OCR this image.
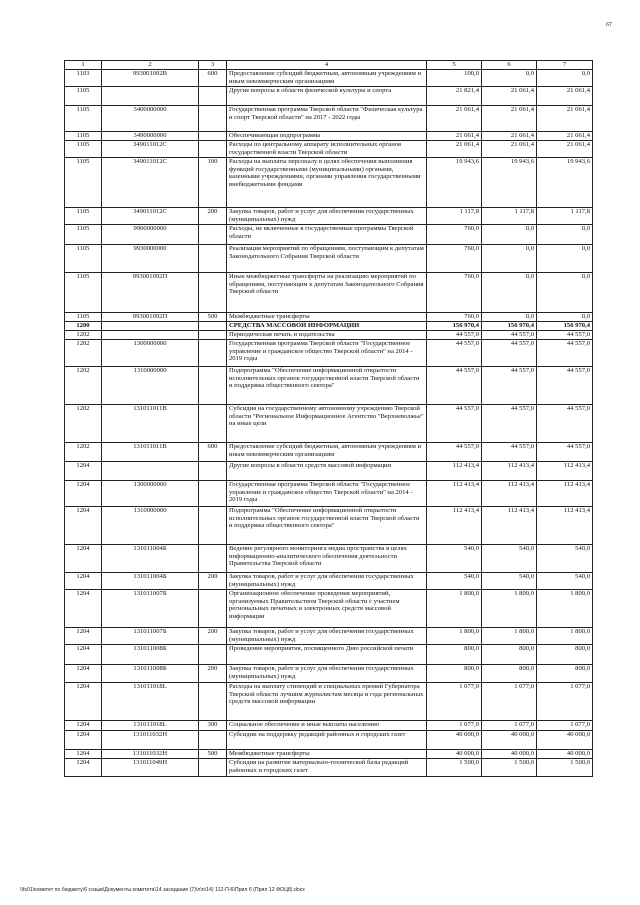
67
1	2	3	4	5	6	7
1103	993001092В	600	Предоставление субсидий бюджетным, автономным учреждениям и иным некоммерческим организациям	100,0	0,0	0,0
1105			Другие вопросы в области физической культуры и спорта	21 821,4	21 061,4	21 061,4
1105	3400000000		Государственная программа Тверской области "Физическая культура и спорт Тверской области" на 2017 - 2022 годы	21 061,4	21 061,4	21 061,4
1105	3490000000		Обеспечивающая подпрограмма	21 061,4	21 061,4	21 061,4
1105	349011012С		Расходы по центральному аппарату исполнительных органов государственной власти Тверской области	21 061,4	21 061,4	21 061,4
1105	349011012С	100	Расходы на выплаты персоналу в целях обеспечения выполнения функций государственными (муниципальными) органами, казенными учреждениями, органами управления государственными внебюджетными фондами	19 943,6	19 943,6	19 943,6
1105	349011012С	200	Закупка товаров, работ и услуг для обеспечения государственных (муниципальных) нужд	1 117,8	1 117,8	1 117,8
1105	9900000000		Расходы, не включенные в государственные программы Тверской области	760,0	0,0	0,0
1105	9930000000		Реализация мероприятий по обращениям, поступающим к депутатам Законодательного Собрания Тверской области	760,0	0,0	0,0
1105	993001092П		Иные межбюджетные трансферты на реализацию мероприятий по обращениям, поступающим к депутатам Законодательного Собрания Тверской области	760,0	0,0	0,0
1105	993001092П	500	Межбюджетные трансферты	760,0	0,0	0,0
1200			СРЕДСТВА МАССОВОЙ ИНФОРМАЦИИ	156 970,4	156 970,4	156 970,4
1202			Периодическая печать и издательства	44 557,0	44 557,0	44 557,0
1202	1300000000		Государственная программа Тверской области "Государственное управление и гражданское общество Тверской области" на 2014 - 2019 годы	44 557,0	44 557,0	44 557,0
1202	1310000000		Подпрограмма "Обеспечение информационной открытости исполнительных органов государственной власти Тверской области и поддержка общественного сектора"	44 557,0	44 557,0	44 557,0
1202	131011011В		Субсидия на государственному автономному учреждению Тверской области "Региональное Информационное Агентство "Верхневолжье" на иные цели	44 557,0	44 557,0	44 557,0
1202	131011011В	600	Предоставление субсидий бюджетным, автономным учреждениям и иным некоммерческим организациям	44 557,0	44 557,0	44 557,0
1204			Другие вопросы в области средств массовой информации	112 413,4	112 413,4	112 413,4
1204	1300000000		Государственная программа Тверской области "Государственное управление и гражданское общество Тверской области" на 2014 - 2019 годы	112 413,4	112 413,4	112 413,4
1204	1310000000		Подпрограмма "Обеспечение информационной открытости исполнительных органов государственной власти Тверской области и поддержка общественного сектора"	112 413,4	112 413,4	112 413,4
1204	131011004Б		Ведение регулярного мониторинга медиа пространства в целях информационно-аналитического обеспечения деятельности Правительства Тверской области	540,0	540,0	540,0
1204	131011004Б	200	Закупка товаров, работ и услуг для обеспечения государственных (муниципальных) нужд	540,0	540,0	540,0
1204	131011007Б		Организационное обеспечение проведения мероприятий, организуемых Правительством Тверской области с участием региональных печатных и электронных средств массовой информации	1 800,0	1 800,0	1 800,0
1204	131011007Б	200	Закупка товаров, работ и услуг для обеспечения государственных (муниципальных) нужд	1 800,0	1 800,0	1 800,0
1204	131011008Б		Проведение мероприятия, посвященного Дню российской печати	800,0	800,0	800,0
1204	131011008Б	200	Закупка товаров, работ и услуг для обеспечения государственных (муниципальных) нужд	800,0	800,0	800,0
1204	131011018L		Расходы на выплату стипендий и специальных премий Губернатора Тверской области лучшим журналистам месяца и года региональных средств массовой информации	1 077,0	1 077,0	1 077,0
1204	131011018L	300	Социальное обеспечение и иные выплаты населению	1 077,0	1 077,0	1 077,0
1204	131011032Н		Субсидии на поддержку редакций районных и городских газет	40 000,0	40 000,0	40 000,0
1204	131011032Н	500	Межбюджетные трансферты	40 000,0	40 000,0	40 000,0
1204	131011049Н		Субсидия на развитие материально-технической базы редакций районных и городских газет	1 500,0	1 500,0	1 500,0
\\fs01\комитет по бюджету\6 созыв\Документы комитета\14 заседание (7)\n\n\14) 112-П-6\Прил 6 (Прил 12 ФОЦ8).docx
